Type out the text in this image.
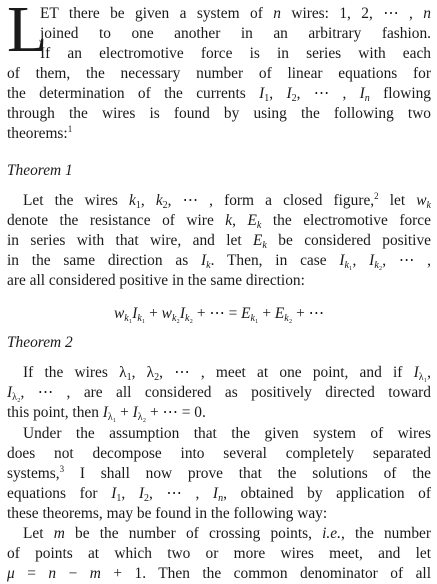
L
ET there be given a system of n wires: 1, 2, ⋯ , n
joined to one another in an arbitrary fashion.
If an electromotive force is in series with each
of them, the necessary number of linear equations for
the determination of the currents $I_1$, $I_2$, ⋯ , $I_n$ flowing
through the wires is found by using the following two
theorems:$^1$
Theorem 1
Let the wires $k_1$, $k_2$, ⋯ , form a closed figure,$^2$ let $w_k$
denote the resistance of wire k, $E_k$ the electromotive force
in series with that wire, and let $E_k$ be considered positive
in the same direction as $I_k$. Then, in case $I_{k_1}$, $I_{k_2}$, ⋯ ,
are all considered positive in the same direction:
$w_{k_1}I_{k_1} + w_{k_2}I_{k_2}$ + ⋯ = $E_{k_1} + E_{k_2}$ + ⋯
Theorem 2
If the wires $\lambda_1$, $\lambda_2$, ⋯ , meet at one point, and if $I_{\lambda_1}$,
$I_{\lambda_2}$, ⋯ , are all considered as positively directed toward
this point, then $I_{\lambda_1} + I_{\lambda_2}$ + ⋯ = 0.
Under the assumption that the given system of wires
does not decompose into several completely separated
systems,$^3$ I shall now prove that the solutions of the
equations for $I_1$, $I_2$, ⋯ , $I_n$, obtained by application of
these theorems, may be found in the following way:
Let m be the number of crossing points, i.e., the number
of points at which two or more wires meet, and let
μ = n − m + 1. Then the common denominator of all
